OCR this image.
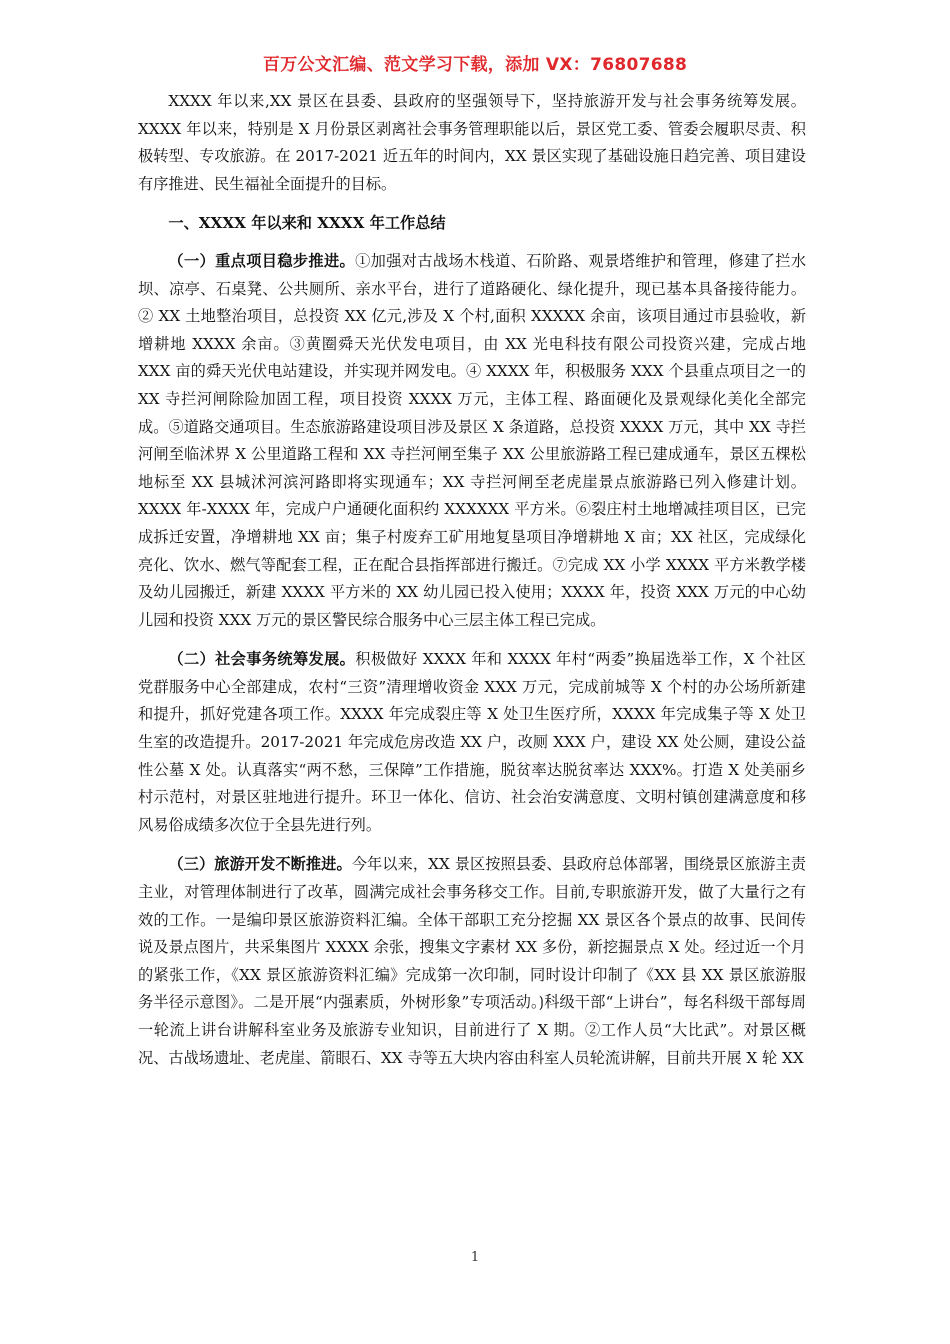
百万公文汇编、范文学习下载，添加 VX：76807688

XXXX 年以来,XX 景区在县委、县政府的坚强领导下，坚持旅游开发与社会事务统筹发展。XXXX 年以来，特别是 X 月份景区剥离社会事务管理职能以后，景区党工委、管委会履职尽责、积极转型、专攻旅游。在 2017-2021 近五年的时间内，XX 景区实现了基础设施日趋完善、项目建设有序推进、民生福祉全面提升的目标。

一、XXXX 年以来和 XXXX 年工作总结

（一）重点项目稳步推进。①加强对古战场木栈道、石阶路、观景塔维护和管理，修建了拦水坝、凉亭、石桌凳、公共厕所、亲水平台，进行了道路硬化、绿化提升，现已基本具备接待能力。② XX 土地整治项目，总投资 XX 亿元,涉及 X 个村,面积 XXXXX 余亩，该项目通过市县验收，新增耕地 XXXX 余亩。③黄圈舜天光伏发电项目，由 XX 光电科技有限公司投资兴建，完成占地 XXX 亩的舜天光伏电站建设，并实现并网发电。④ XXXX 年，积极服务 XXX 个县重点项目之一的 XX 寺拦河闸除险加固工程，项目投资 XXXX 万元，主体工程、路面硬化及景观绿化美化全部完成。⑤道路交通项目。生态旅游路建设项目涉及景区 X 条道路，总投资 XXXX 万元，其中 XX 寺拦河闸至临沭界 X 公里道路工程和 XX 寺拦河闸至集子 XX 公里旅游路工程已建成通车，景区五棵松地标至 XX 县城沭河滨河路即将实现通车；XX 寺拦河闸至老虎崖景点旅游路已列入修建计划。XXXX 年-XXXX 年，完成户户通硬化面积约 XXXXXX 平方米。⑥裂庄村土地增减挂项目区，已完成拆迁安置，净增耕地 XX 亩；集子村废弃工矿用地复垦项目净增耕地 X 亩；XX 社区，完成绿化亮化、饮水、燃气等配套工程，正在配合县指挥部进行搬迁。⑦完成 XX 小学 XXXX 平方米教学楼及幼儿园搬迁，新建 XXXX 平方米的 XX 幼儿园已投入使用；XXXX 年，投资 XXX 万元的中心幼儿园和投资 XXX 万元的景区警民综合服务中心三层主体工程已完成。

（二）社会事务统筹发展。积极做好 XXXX 年和 XXXX 年村“两委”换届选举工作，X 个社区党群服务中心全部建成，农村“三资”清理增收资金 XXX 万元，完成前城等 X 个村的办公场所新建和提升，抓好党建各项工作。XXXX 年完成裂庄等 X 处卫生医疗所，XXXX 年完成集子等 X 处卫生室的改造提升。2017-2021 年完成危房改造 XX 户，改厕 XXX 户，建设 XX 处公厕，建设公益性公墓 X 处。认真落实“两不愁，三保障”工作措施，脱贫率达脱贫率达 XXX%。打造 X 处美丽乡村示范村，对景区驻地进行提升。环卫一体化、信访、社会治安满意度、文明村镇创建满意度和移风易俗成绩多次位于全县先进行列。

（三）旅游开发不断推进。今年以来，XX 景区按照县委、县政府总体部署，围绕景区旅游主责主业，对管理体制进行了改革，圆满完成社会事务移交工作。目前,专职旅游开发，做了大量行之有效的工作。一是编印景区旅游资料汇编。全体干部职工充分挖掘 XX 景区各个景点的故事、民间传说及景点图片，共采集图片 XXXX 余张，搜集文字素材 XX 多份，新挖掘景点 X 处。经过近一个月的紧张工作，《XX 景区旅游资料汇编》完成第一次印制，同时设计印制了《XX 县 XX 景区旅游服务半径示意图》。二是开展“内强素质，外树形象”专项活动。⟯科级干部“上讲台”，每名科级干部每周一轮流上讲台讲解科室业务及旅游专业知识，目前进行了 X 期。②工作人员“大比武”。对景区概况、古战场遗址、老虎崖、箭眼石、XX 寺等五大块内容由科室人员轮流讲解，目前共开展 X 轮 XX

1
